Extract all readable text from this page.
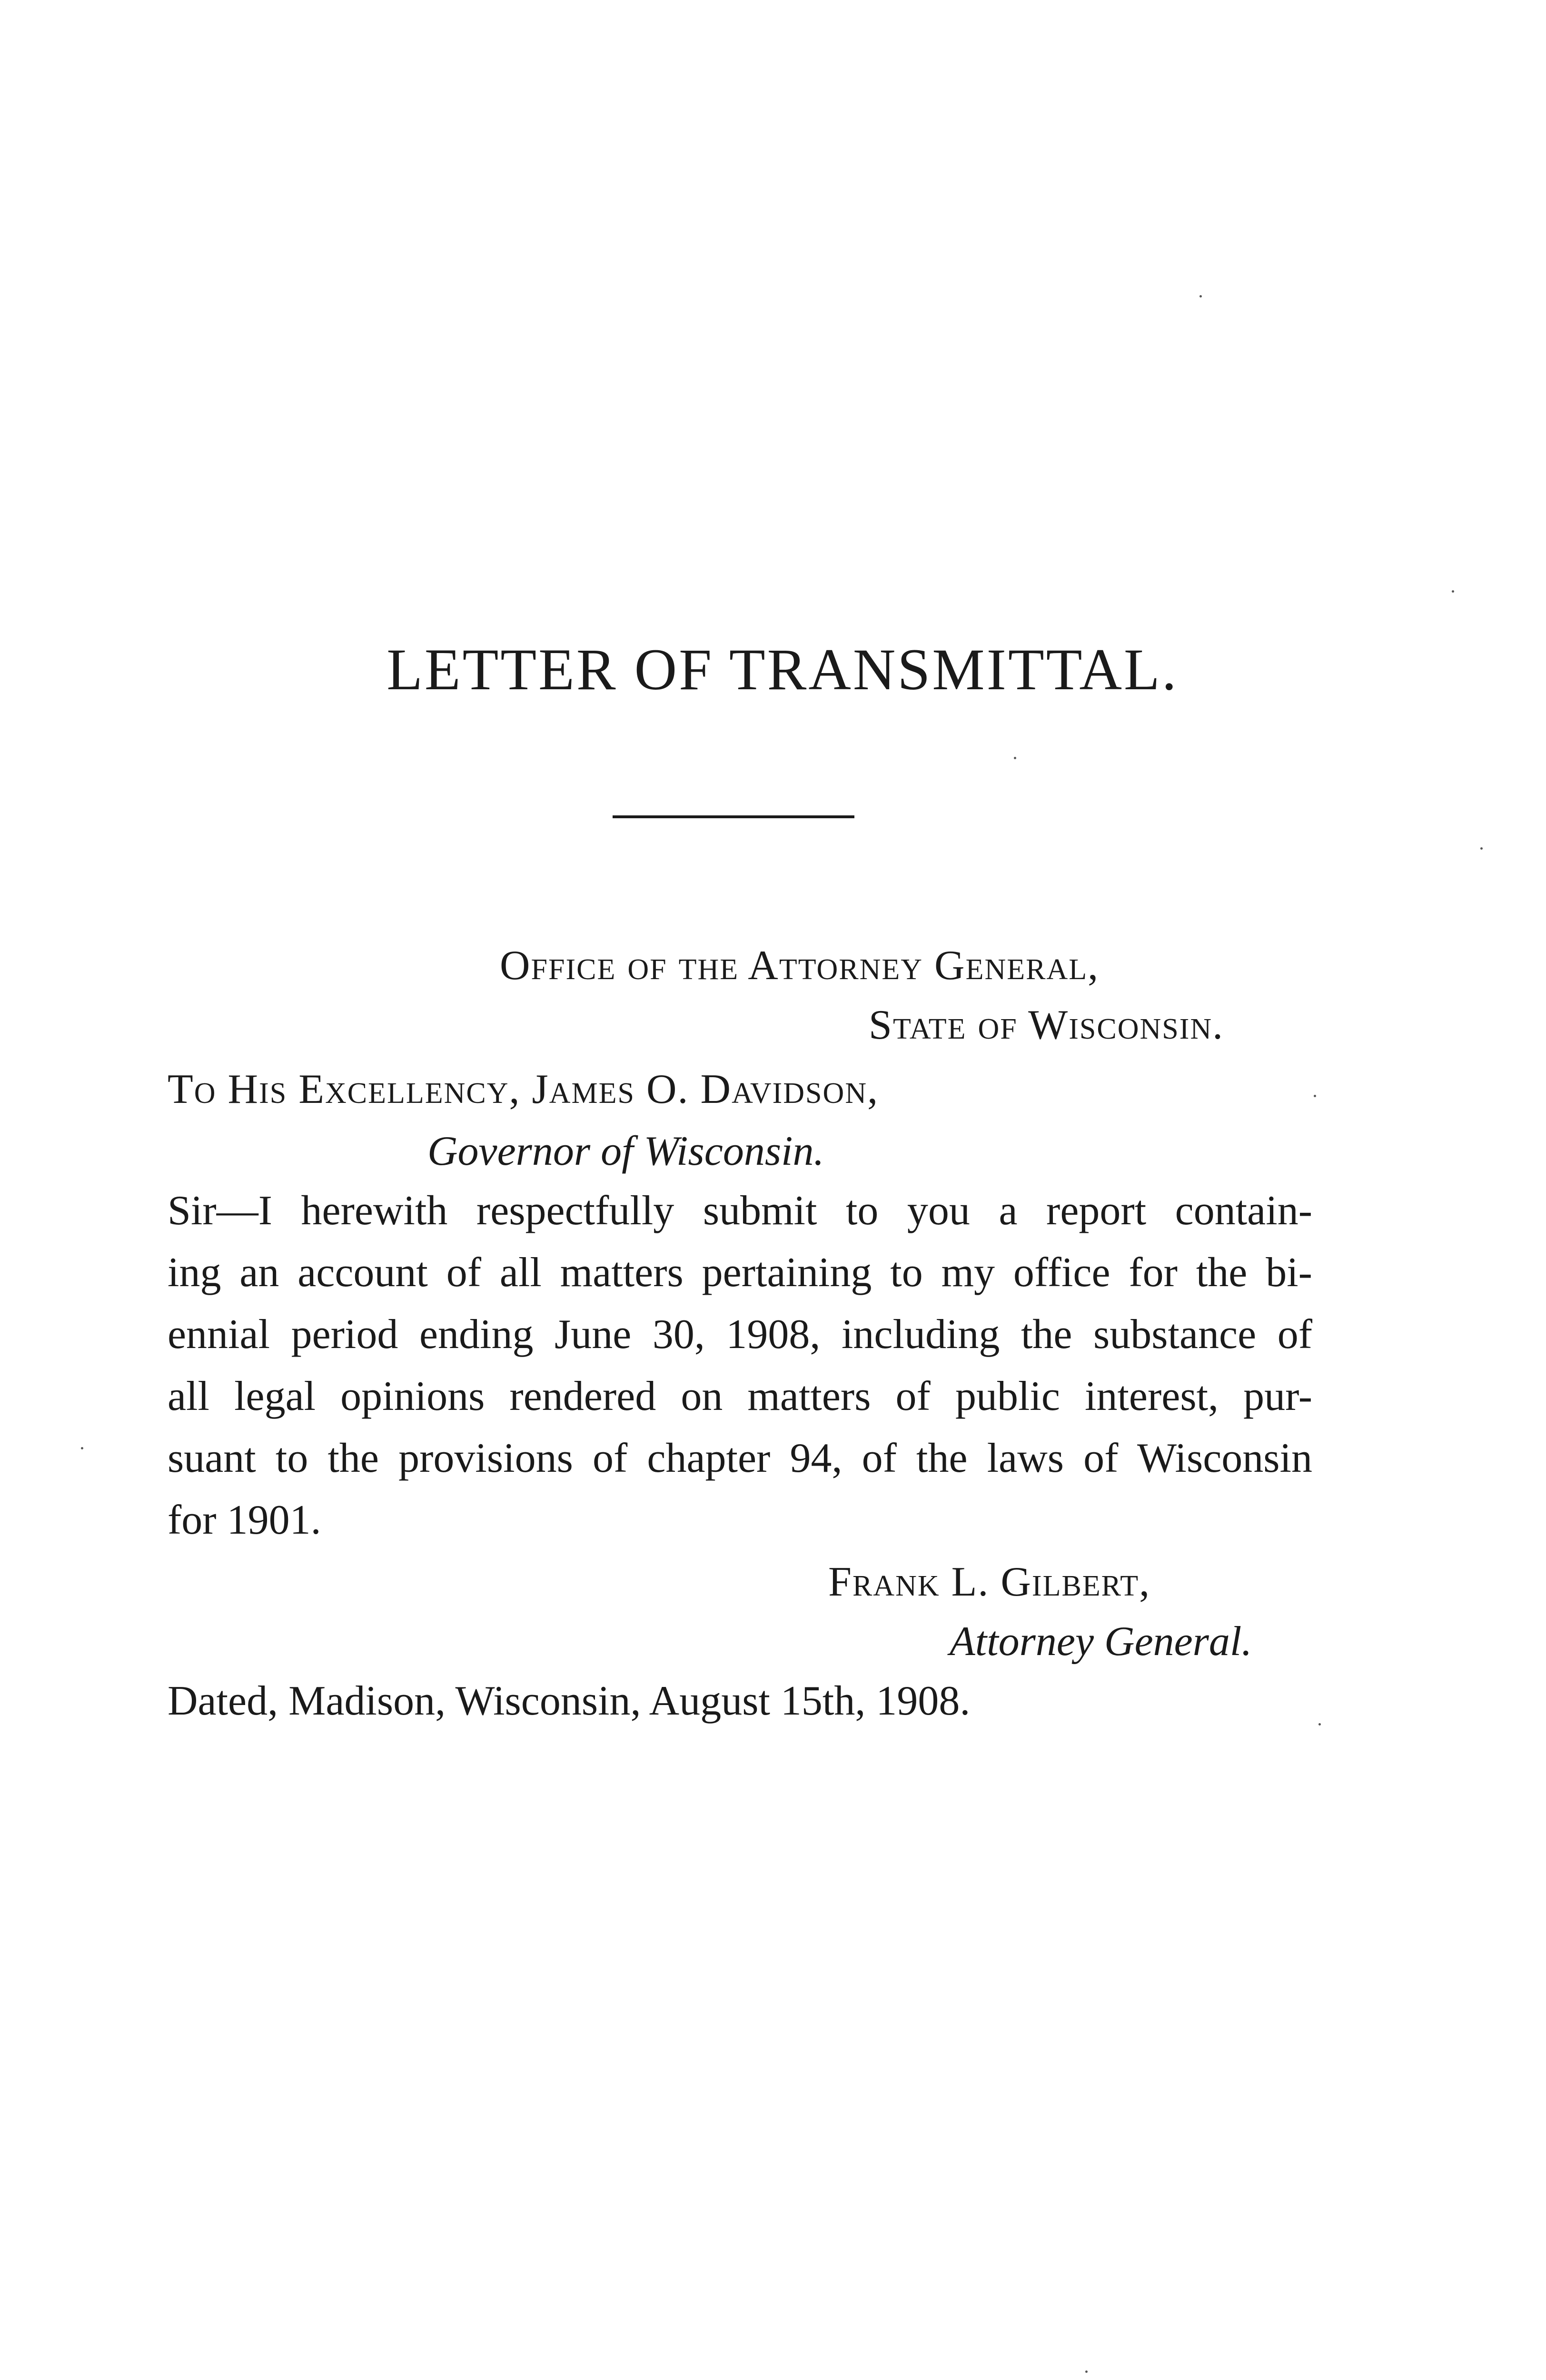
LETTER OF TRANSMITTAL.
Office of the Attorney General,
State of Wisconsin.
To His Excellency, James O. Davidson,
Governor of Wisconsin.
Sir—I herewith respectfully submit to you a report contain-
ing an account of all matters pertaining to my office for the bi-
ennial period ending June 30, 1908, including the substance of
all legal opinions rendered on matters of public interest, pur-
suant to the provisions of chapter 94, of the laws of Wisconsin
for 1901.
Frank L. Gilbert,
Attorney General.
Dated, Madison, Wisconsin, August 15th, 1908.
